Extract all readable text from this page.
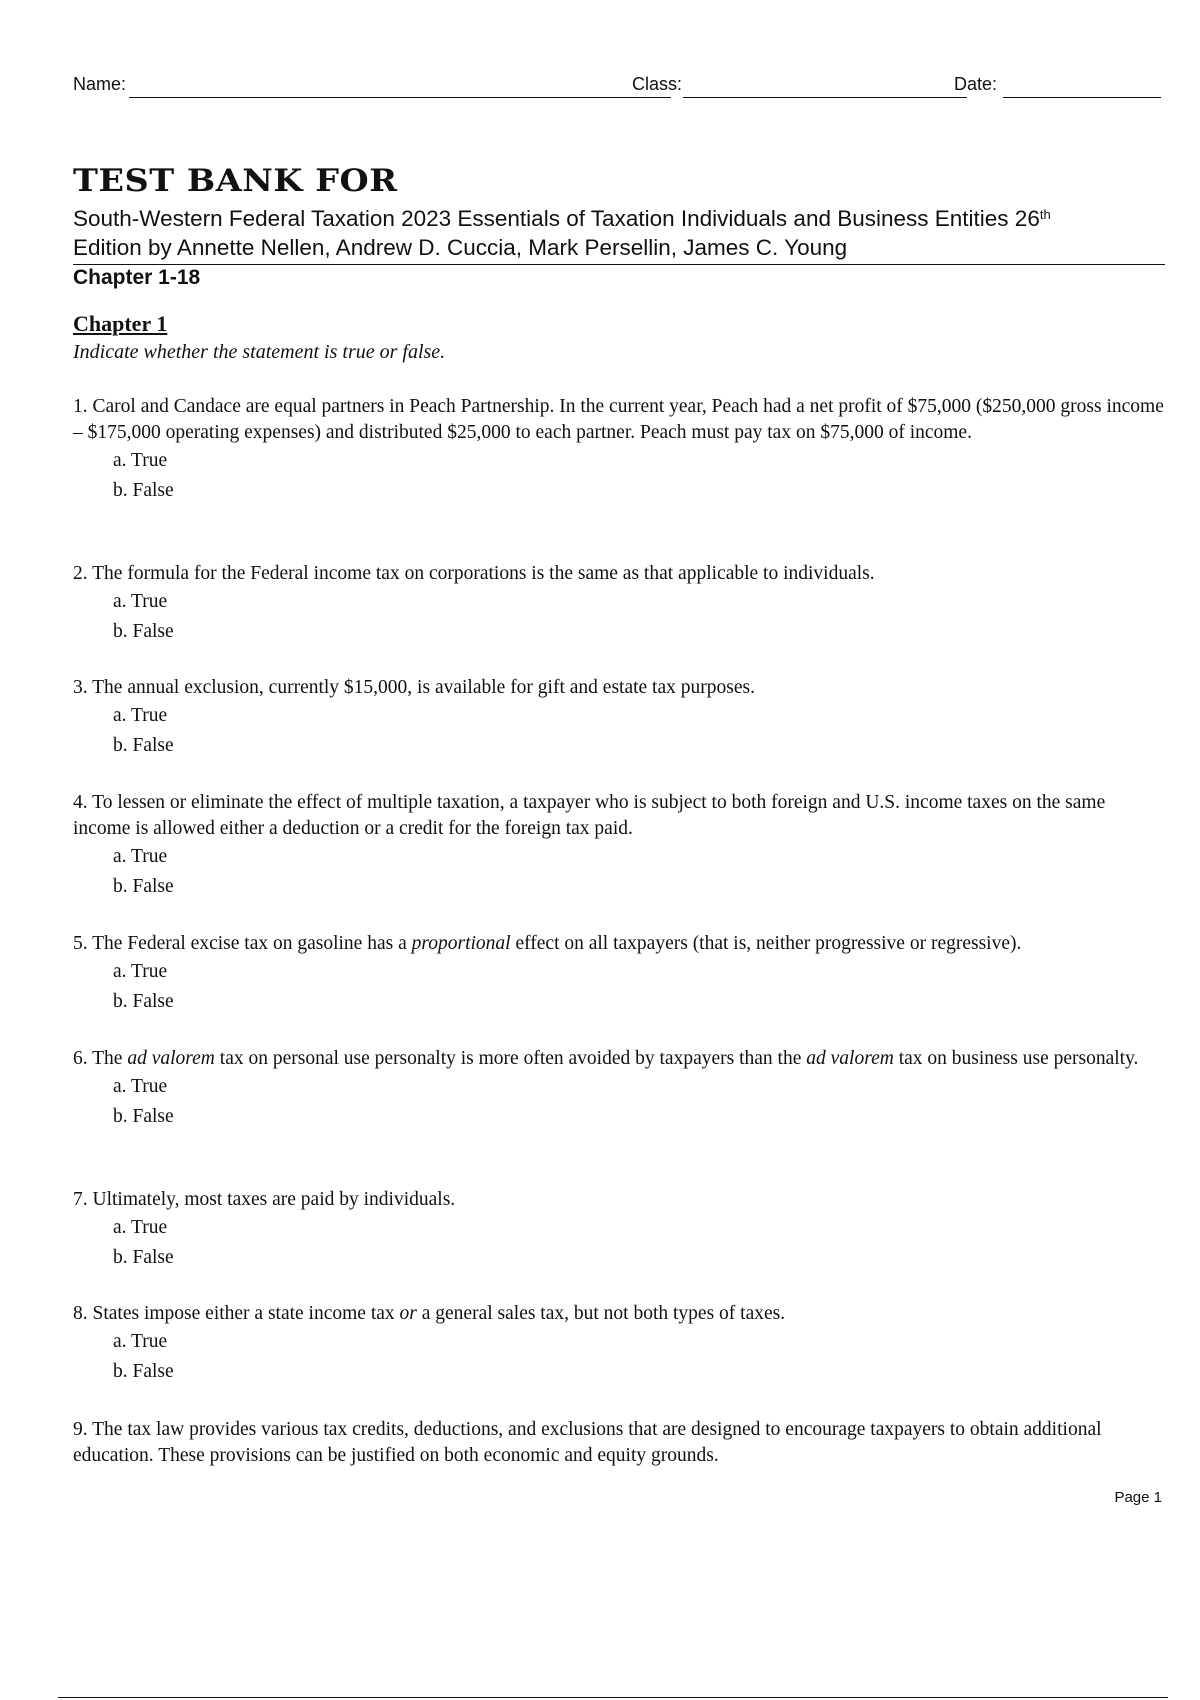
Name:	Class:	Date:
TEST BANK FOR
South-Western Federal Taxation 2023 Essentials of Taxation Individuals and Business Entities 26th
Edition by Annette Nellen, Andrew D. Cuccia, Mark Persellin, James C. Young
Chapter 1-18
Chapter 1
Indicate whether the statement is true or false.

1. Carol and Candace are equal partners in Peach Partnership. In the current year, Peach had a net profit of $75,000 ($250,000 gross income – $175,000 operating expenses) and distributed $25,000 to each partner. Peach must pay tax on $75,000 of income.

a. True
b. False

2. The formula for the Federal income tax on corporations is the same as that applicable to individuals.

a. True
b. False

3. The annual exclusion, currently $15,000, is available for gift and estate tax purposes.

a. True
b. False

4. To lessen or eliminate the effect of multiple taxation, a taxpayer who is subject to both foreign and U.S. income taxes on the same income is allowed either a deduction or a credit for the foreign tax paid.

a. True
b. False

5. The Federal excise tax on gasoline has a proportional effect on all taxpayers (that is, neither progressive or regressive).

a. True
b. False

6. The ad valorem tax on personal use personalty is more often avoided by taxpayers than the ad valorem tax on business use personalty.

a. True
b. False

7. Ultimately, most taxes are paid by individuals.

a. True
b. False

8. States impose either a state income tax or a general sales tax, but not both types of taxes.

a. True
b. False

9. The tax law provides various tax credits, deductions, and exclusions that are designed to encourage taxpayers to obtain additional education. These provisions can be justified on both economic and equity grounds.

Page 1
